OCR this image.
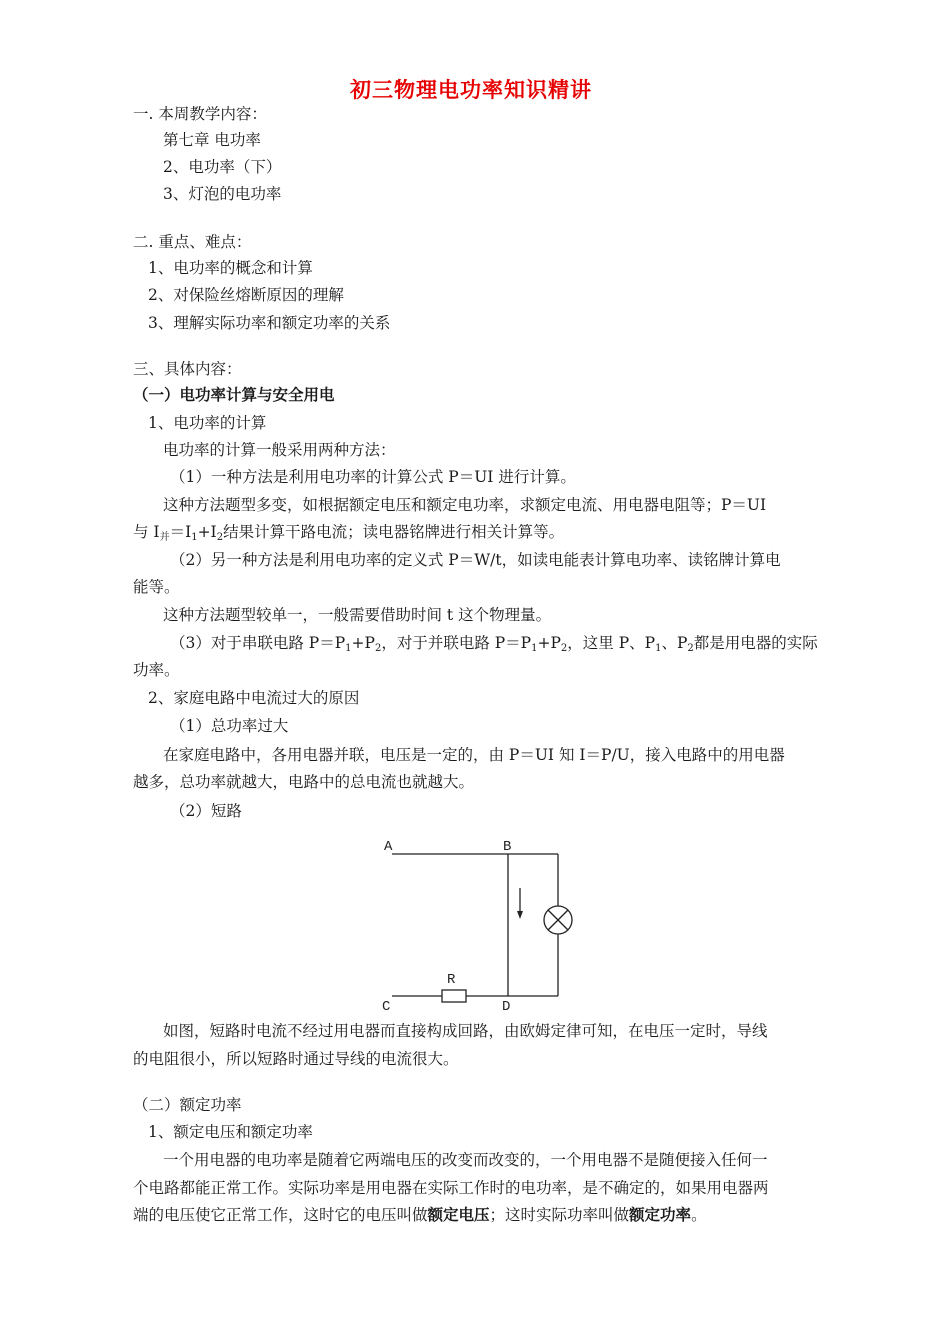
初三物理电功率知识精讲
一. 本周教学内容：
第七章 电功率
2、电功率（下）
3、灯泡的电功率
二. 重点、难点：
1、电功率的概念和计算
2、对保险丝熔断原因的理解
3、理解实际功率和额定功率的关系
三、具体内容：
（一）电功率计算与安全用电
1、电功率的计算
电功率的计算一般采用两种方法：
（1）一种方法是利用电功率的计算公式 P＝UI 进行计算。
这种方法题型多变，如根据额定电压和额定电功率，求额定电流、用电器电阻等；P＝UI
与 $I_并=I_1+I_2$结果计算干路电流；读电器铭牌进行相关计算等。
（2）另一种方法是利用电功率的定义式 P＝W/t，如读电能表计算电功率、读铭牌计算电
能等。
这种方法题型较单一，一般需要借助时间 t 这个物理量。
（3）对于串联电路 $P=P_1+P_2$，对于并联电路 $P=P_1+P_2$，这里 P、$P_1$、$P_2$都是用电器的实际
功率。
2、家庭电路中电流过大的原因
（1）总功率过大
在家庭电路中，各用电器并联，电压是一定的，由 P＝UI 知 I＝P/U，接入电路中的用电器
越多，总功率就越大，电路中的总电流也就越大。
（2）短路
A	B
C	D
R
如图，短路时电流不经过用电器而直接构成回路，由欧姆定律可知，在电压一定时，导线
的电阻很小，所以短路时通过导线的电流很大。
（二）额定功率
1、额定电压和额定功率
一个用电器的电功率是随着它两端电压的改变而改变的，一个用电器不是随便接入任何一
个电路都能正常工作。实际功率是用电器在实际工作时的电功率，是不确定的，如果用电器两
端的电压使它正常工作，这时它的电压叫做额定电压；这时实际功率叫做额定功率。
